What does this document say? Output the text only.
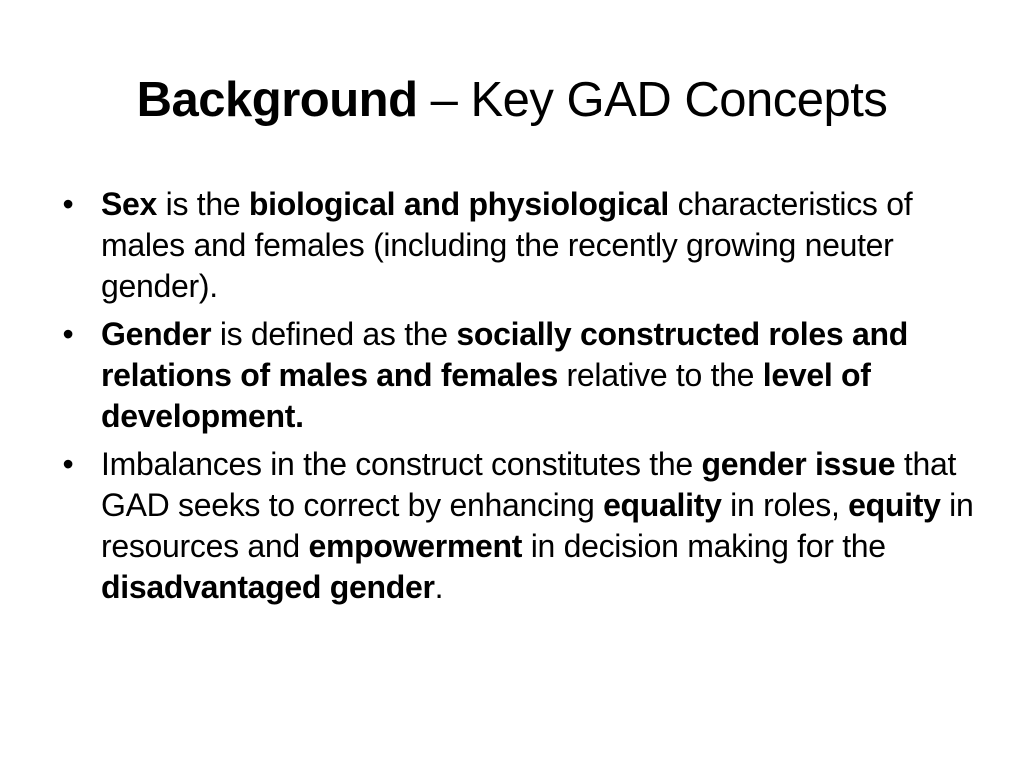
Background – Key GAD Concepts
• Sex is the biological and physiological characteristics of males and females (including the recently growing neuter gender).
• Gender is defined as the socially constructed roles and relations of males and females relative to the level of development.
• Imbalances in the construct constitutes the gender issue that GAD seeks to correct by enhancing equality in roles, equity in resources and empowerment in decision making for the disadvantaged gender.
